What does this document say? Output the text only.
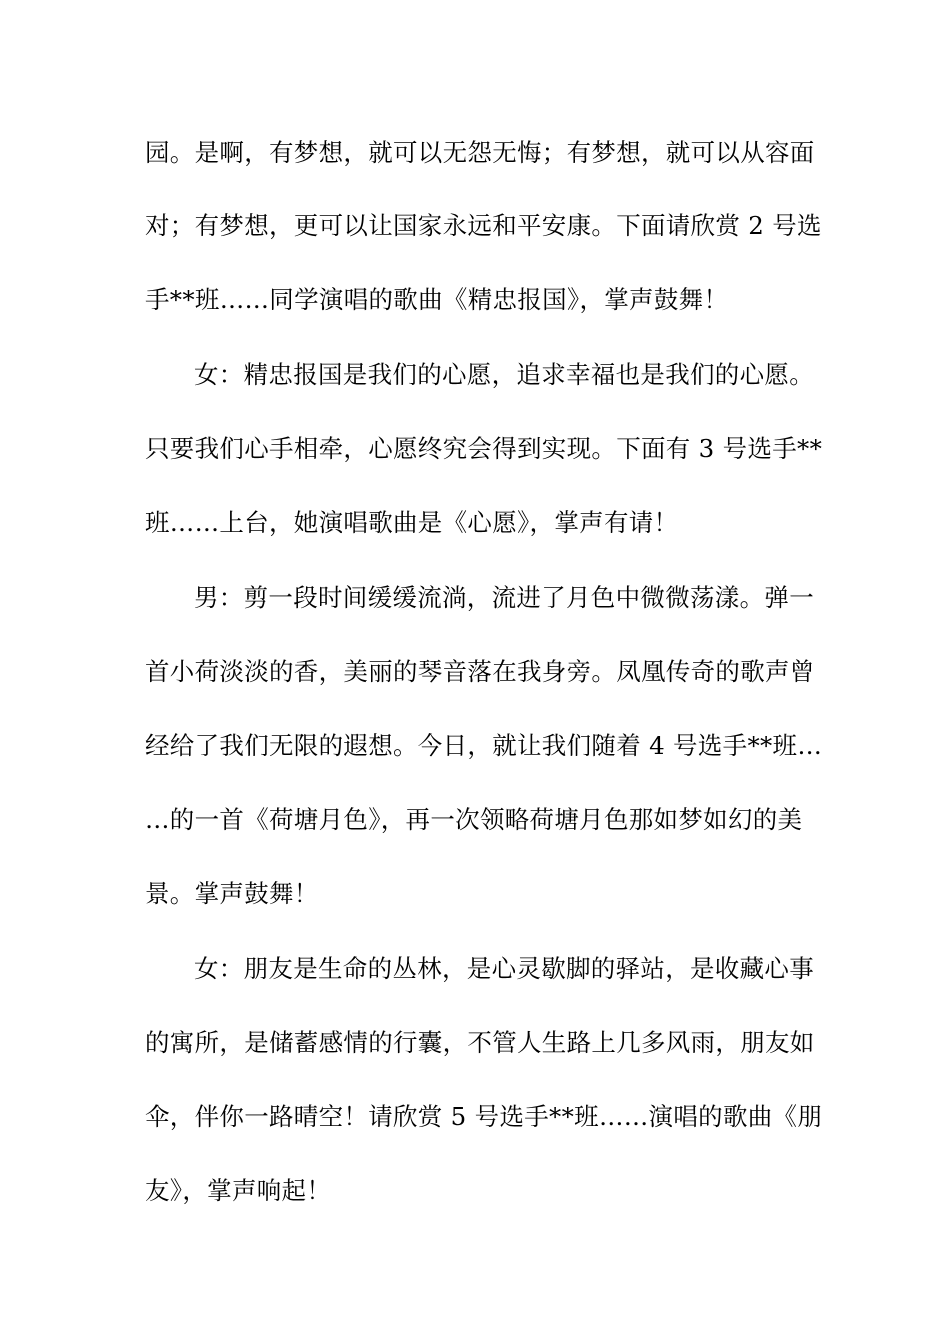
园。是啊，有梦想，就可以无怨无悔；有梦想，就可以从容面
对；有梦想，更可以让国家永远和平安康。下面请欣赏 2 号选
手**班……同学演唱的歌曲《精忠报国》，掌声鼓舞！
女：精忠报国是我们的心愿，追求幸福也是我们的心愿。
只要我们心手相牵，心愿终究会得到实现。下面有 3 号选手**
班……上台，她演唱歌曲是《心愿》，掌声有请！
男：剪一段时间缓缓流淌，流进了月色中微微荡漾。弹一
首小荷淡淡的香，美丽的琴音落在我身旁。凤凰传奇的歌声曾
经给了我们无限的遐想。今日，就让我们随着 4 号选手**班…
…的一首《荷塘月色》，再一次领略荷塘月色那如梦如幻的美
景。掌声鼓舞！
女：朋友是生命的丛林，是心灵歇脚的驿站，是收藏心事
的寓所，是储蓄感情的行囊，不管人生路上几多风雨，朋友如
伞，伴你一路晴空！请欣赏 5 号选手**班……演唱的歌曲《朋
友》，掌声响起！
